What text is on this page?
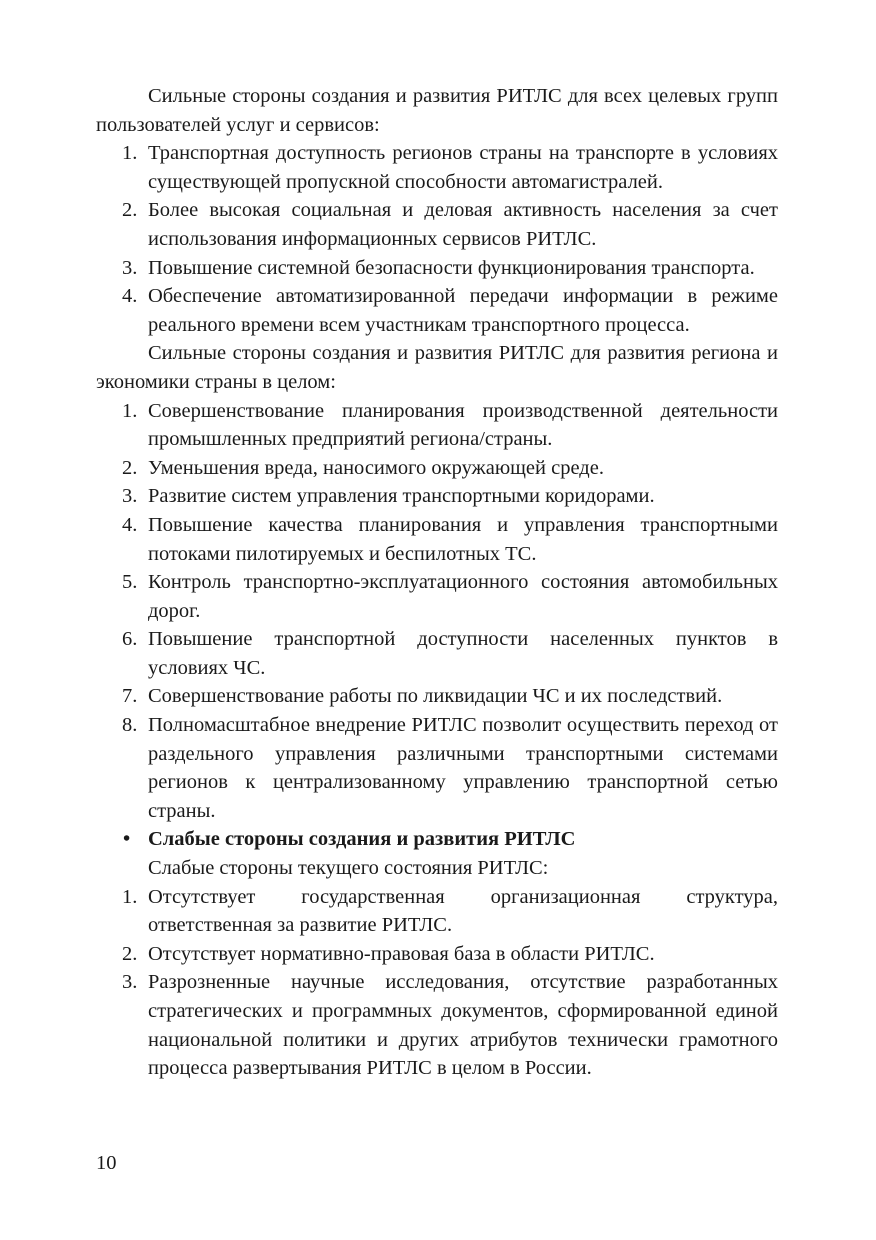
Сильные стороны создания и развития РИТЛС для всех целевых групп пользователей услуг и сервисов:

1. Транспортная доступность регионов страны на транспорте в условиях существующей пропускной способности автомагистралей.
2. Более высокая социальная и деловая активность населения за счет использования информационных сервисов РИТЛС.
3. Повышение системной безопасности функционирования транспорта.
4. Обеспечение автоматизированной передачи информации в режиме реального времени всем участникам транспортного процесса.

Сильные стороны создания и развития РИТЛС для развития региона и экономики страны в целом:

1. Совершенствование планирования производственной деятельности промышленных предприятий региона/страны.
2. Уменьшения вреда, наносимого окружающей среде.
3. Развитие систем управления транспортными коридорами.
4. Повышение качества планирования и управления транспортными потоками пилотируемых и беспилотных ТС.
5. Контроль транспортно-эксплуатационного состояния автомобильных дорог.
6. Повышение транспортной доступности населенных пунктов в условиях ЧС.
7. Совершенствование работы по ликвидации ЧС и их последствий.
8. Полномасштабное внедрение РИТЛС позволит осуществить переход от раздельного управления различными транспортными системами регионов к централизованному управлению транспортной сетью страны.
• Слабые стороны создания и развития РИТЛС

Слабые стороны текущего состояния РИТЛС:

1. Отсутствует государственная организационная структура, ответственная за развитие РИТЛС.
2. Отсутствует нормативно-правовая база в области РИТЛС.
3. Разрозненные научные исследования, отсутствие разработанных стратегических и программных документов, сформированной единой национальной политики и других атрибутов технически грамотного процесса развертывания РИТЛС в целом в России.
10
